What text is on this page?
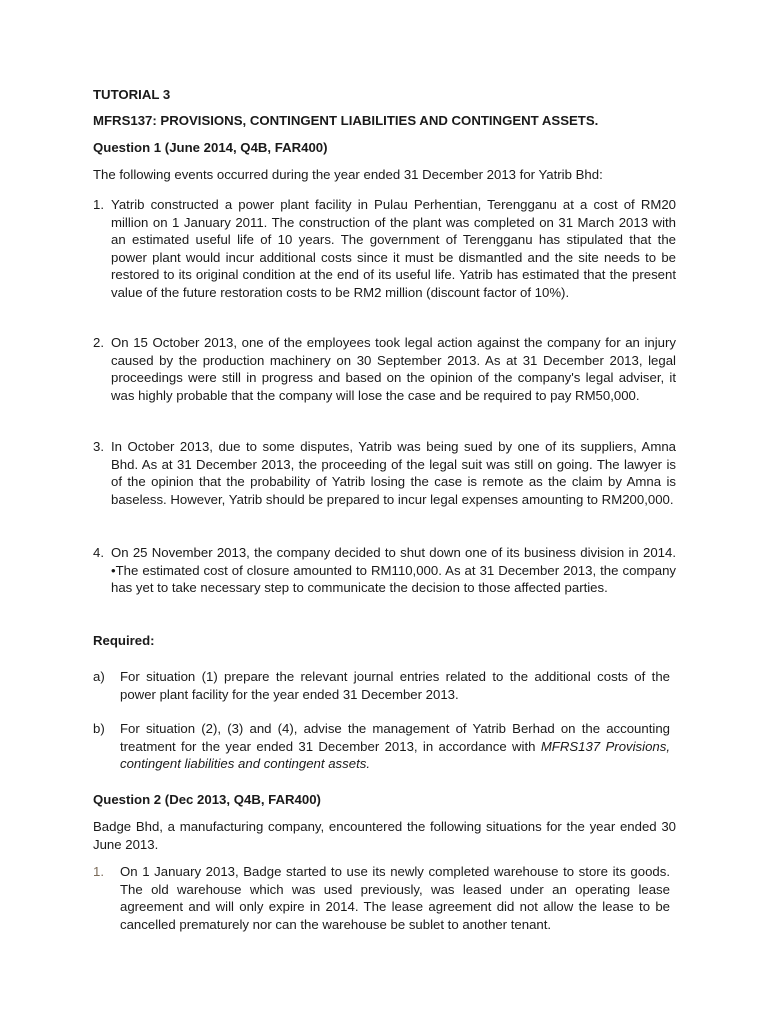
TUTORIAL 3

MFRS137: PROVISIONS, CONTINGENT LIABILITIES AND CONTINGENT ASSETS.

Question 1 (June 2014, Q4B, FAR400)

The following events occurred during the year ended 31 December 2013 for Yatrib Bhd:

1. Yatrib constructed a power plant facility in Pulau Perhentian, Terengganu at a cost of RM20 million on 1 January 2011. The construction of the plant was completed on 31 March 2013 with an estimated useful life of 10 years. The government of Terengganu has stipulated that the power plant would incur additional costs since it must be dismantled and the site needs to be restored to its original condition at the end of its useful life. Yatrib has estimated that the present value of the future restoration costs to be RM2 million (discount factor of 10%).
2. On 15 October 2013, one of the employees took legal action against the company for an injury caused by the production machinery on 30 September 2013. As at 31 December 2013, legal proceedings were still in progress and based on the opinion of the company's legal adviser, it was highly probable that the company will lose the case and be required to pay RM50,000.
3. In October 2013, due to some disputes, Yatrib was being sued by one of its suppliers, Amna Bhd. As at 31 December 2013, the proceeding of the legal suit was still on going. The lawyer is of the opinion that the probability of Yatrib losing the case is remote as the claim by Amna is baseless. However, Yatrib should be prepared to incur legal expenses amounting to RM200,000.
4. On 25 November 2013, the company decided to shut down one of its business division in 2014. •The estimated cost of closure amounted to RM110,000. As at 31 December 2013, the company has yet to take necessary step to communicate the decision to those affected parties.

Required:

a) For situation (1) prepare the relevant journal entries related to the additional costs of the power plant facility for the year ended 31 December 2013.
b) For situation (2), (3) and (4), advise the management of Yatrib Berhad on the accounting treatment for the year ended 31 December 2013, in accordance with MFRS137 Provisions, contingent liabilities and contingent assets.

Question 2 (Dec 2013, Q4B, FAR400)

Badge Bhd, a manufacturing company, encountered the following situations for the year ended 30 June 2013.

1. On 1 January 2013, Badge started to use its newly completed warehouse to store its goods. The old warehouse which was used previously, was leased under an operating lease agreement and will only expire in 2014. The lease agreement did not allow the lease to be cancelled prematurely nor can the warehouse be sublet to another tenant.
